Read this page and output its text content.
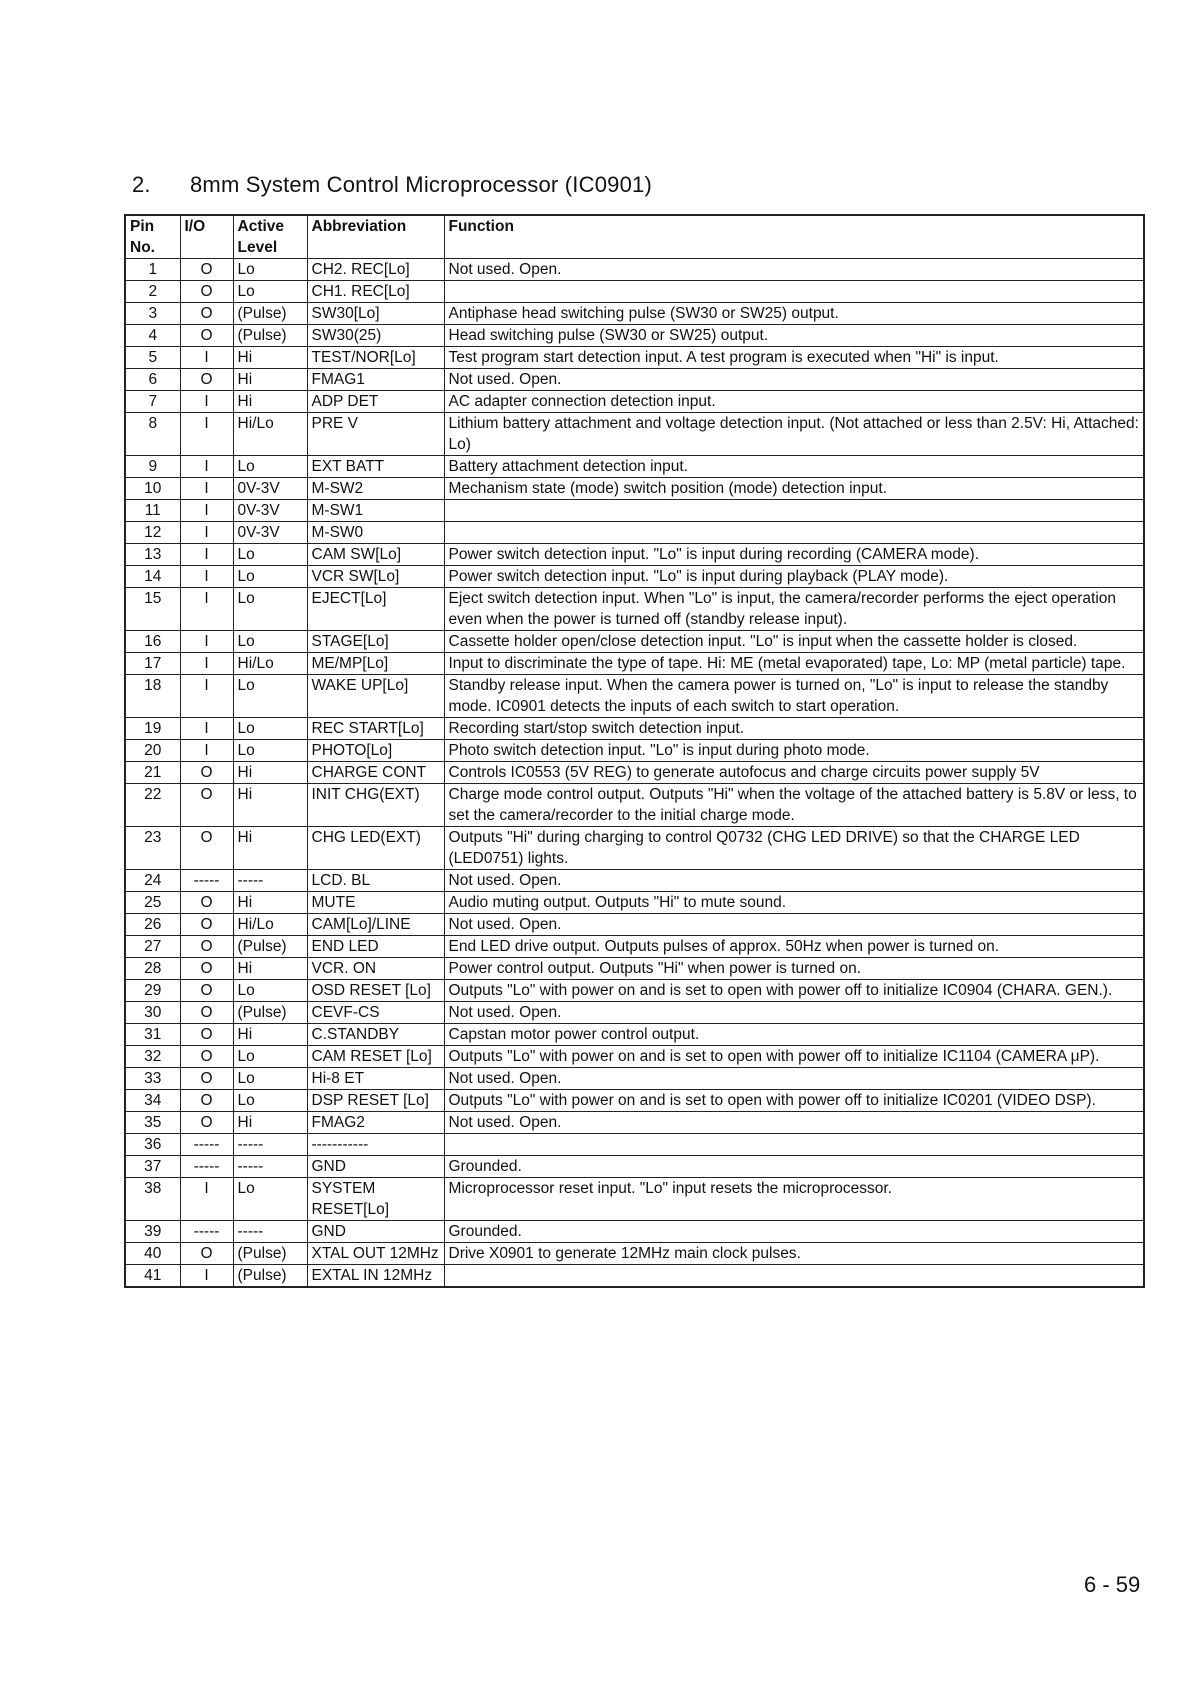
2. 8mm System Control Microprocessor (IC0901)
Pin No.	I/O	Active Level	Abbreviation	Function
1	O	Lo	CH2. REC[Lo]	Not used. Open.
2	O	Lo	CH1. REC[Lo]	
3	O	(Pulse)	SW30[Lo]	Antiphase head switching pulse (SW30 or SW25) output.
4	O	(Pulse)	SW30(25)	Head switching pulse (SW30 or SW25) output.
5	I	Hi	TEST/NOR[Lo]	Test program start detection input. A test program is executed when "Hi" is input.
6	O	Hi	FMAG1	Not used. Open.
7	I	Hi	ADP DET	AC adapter connection detection input.
8	I	Hi/Lo	PRE V	Lithium battery attachment and voltage detection input. (Not attached or less than 2.5V: Hi, Attached: Lo)
9	I	Lo	EXT BATT	Battery attachment detection input.
10	I	0V-3V	M-SW2	Mechanism state (mode) switch position (mode) detection input.
11	I	0V-3V	M-SW1	
12	I	0V-3V	M-SW0	
13	I	Lo	CAM SW[Lo]	Power switch detection input. "Lo" is input during recording (CAMERA mode).
14	I	Lo	VCR SW[Lo]	Power switch detection input. "Lo" is input during playback (PLAY mode).
15	I	Lo	EJECT[Lo]	Eject switch detection input. When "Lo" is input, the camera/recorder performs the eject operation even when the power is turned off (standby release input).
16	I	Lo	STAGE[Lo]	Cassette holder open/close detection input. "Lo" is input when the cassette holder is closed.
17	I	Hi/Lo	ME/MP[Lo]	Input to discriminate the type of tape. Hi: ME (metal evaporated) tape, Lo: MP (metal particle) tape.
18	I	Lo	WAKE UP[Lo]	Standby release input. When the camera power is turned on, "Lo" is input to release the standby mode. IC0901 detects the inputs of each switch to start operation.
19	I	Lo	REC START[Lo]	Recording start/stop switch detection input.
20	I	Lo	PHOTO[Lo]	Photo switch detection input. "Lo" is input during photo mode.
21	O	Hi	CHARGE CONT	Controls IC0553 (5V REG) to generate autofocus and charge circuits power supply 5V
22	O	Hi	INIT CHG(EXT)	Charge mode control output. Outputs "Hi" when the voltage of the attached battery is 5.8V or less, to set the camera/recorder to the initial charge mode.
23	O	Hi	CHG LED(EXT)	Outputs "Hi" during charging to control Q0732 (CHG LED DRIVE) so that the CHARGE LED (LED0751) lights.
24	-----	-----	LCD. BL	Not used. Open.
25	O	Hi	MUTE	Audio muting output. Outputs "Hi" to mute sound.
26	O	Hi/Lo	CAM[Lo]/LINE	Not used. Open.
27	O	(Pulse)	END LED	End LED drive output. Outputs pulses of approx. 50Hz when power is turned on.
28	O	Hi	VCR. ON	Power control output. Outputs "Hi" when power is turned on.
29	O	Lo	OSD RESET [Lo]	Outputs "Lo" with power on and is set to open with power off to initialize IC0904 (CHARA. GEN.).
30	O	(Pulse)	CEVF-CS	Not used. Open.
31	O	Hi	C.STANDBY	Capstan motor power control output.
32	O	Lo	CAM RESET [Lo]	Outputs "Lo" with power on and is set to open with power off to initialize IC1104 (CAMERA μP).
33	O	Lo	Hi-8 ET	Not used. Open.
34	O	Lo	DSP RESET [Lo]	Outputs "Lo" with power on and is set to open with power off to initialize IC0201 (VIDEO DSP).
35	O	Hi	FMAG2	Not used. Open.
36	-----	-----	-----------	
37	-----	-----	GND	Grounded.
38	I	Lo	SYSTEM RESET[Lo]	Microprocessor reset input. "Lo" input resets the microprocessor.
39	-----	-----	GND	Grounded.
40	O	(Pulse)	XTAL OUT 12MHz	Drive X0901 to generate 12MHz main clock pulses.
41	I	(Pulse)	EXTAL IN 12MHz	
6 - 59
